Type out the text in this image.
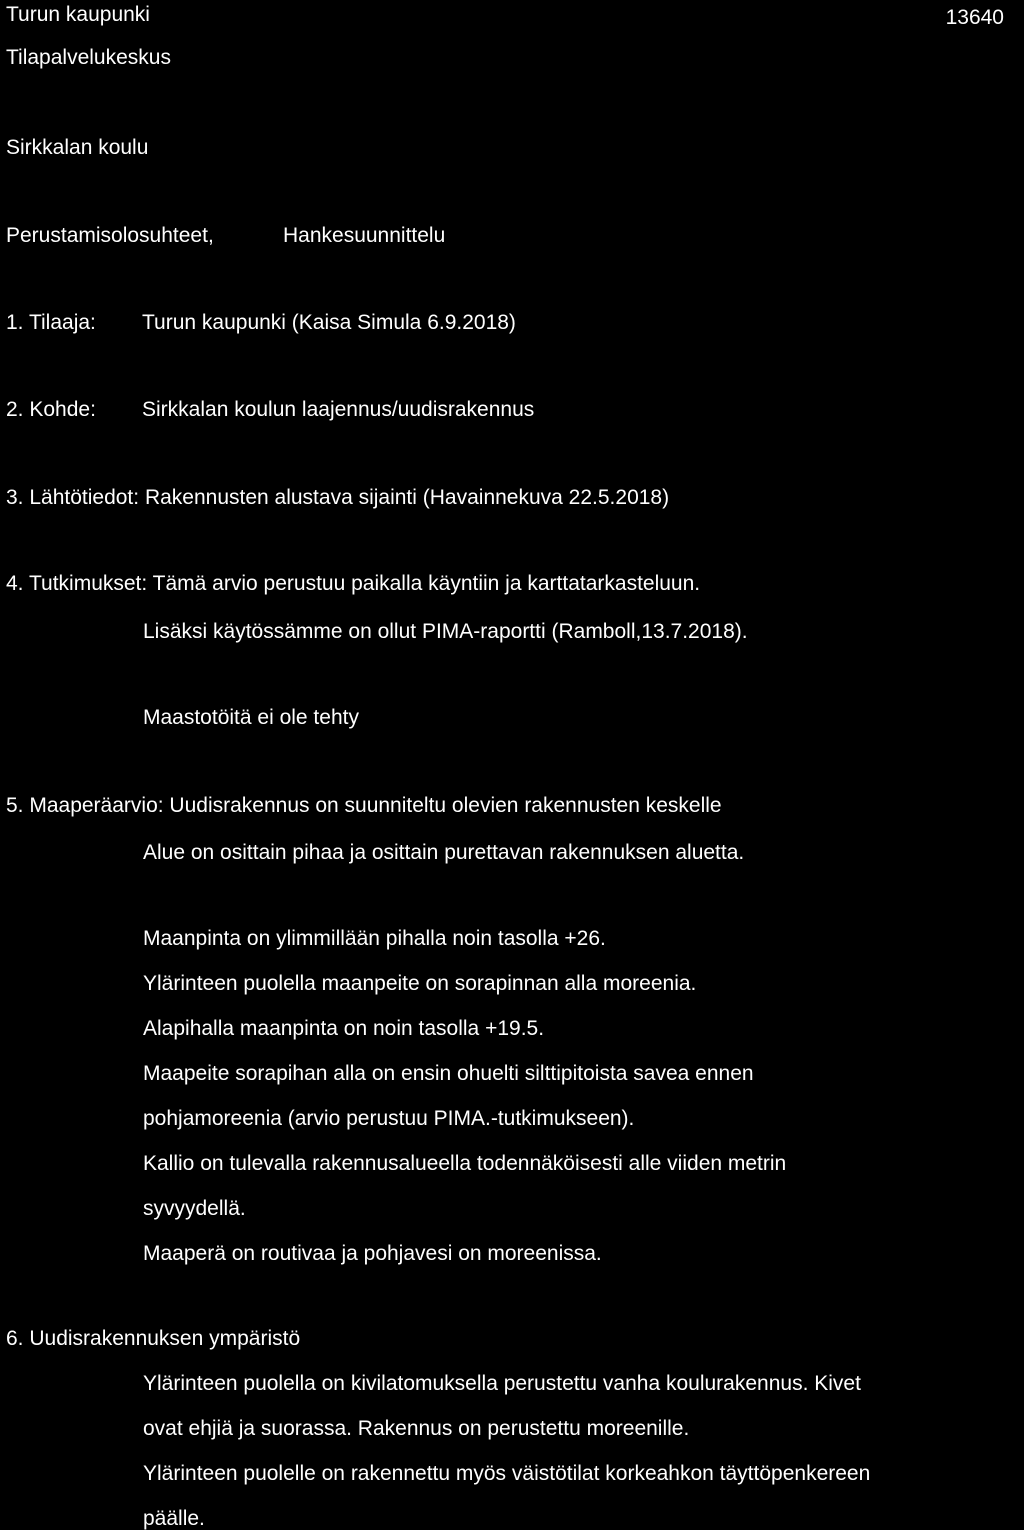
Turun kaupunki
Tilapalvelukeskus
13640
Sirkkalan koulu
Perustamisolosuhteet,	Hankesuunnittelu
1. Tilaaja: Turun kaupunki (Kaisa Simula 6.9.2018)
2. Kohde: Sirkkalan koulun laajennus/uudisrakennus
3. Lähtötiedot: Rakennusten alustava sijainti (Havainnekuva 22.5.2018)
4. Tutkimukset: Tämä arvio perustuu paikalla käyntiin ja karttatarkasteluun.
Lisäksi käytössämme on ollut PIMA-raportti (Ramboll,13.7.2018).
Maastotöitä ei ole tehty
5. Maaperäarvio: Uudisrakennus on suunniteltu olevien rakennusten keskelle
Alue on osittain pihaa ja osittain purettavan rakennuksen aluetta.
Maanpinta on ylimmillään pihalla noin tasolla +26.
Ylärinteen puolella maanpeite on sorapinnan alla moreenia.
Alapihalla maanpinta on noin tasolla +19.5.
Maapeite sorapihan alla on ensin ohuelti silttipitoista savea ennen
pohjamoreenia (arvio perustuu PIMA.-tutkimukseen).
Kallio on tulevalla rakennusalueella todennäköisesti alle viiden metrin
syvyydellä.
Maaperä on routivaa ja pohjavesi on moreenissa.
6. Uudisrakennuksen ympäristö
Ylärinteen puolella on kivilatomuksella perustettu vanha koulurakennus. Kivet
ovat ehjiä ja suorassa. Rakennus on perustettu moreenille.
Ylärinteen puolelle on rakennettu myös väistötilat korkeahkon täyttöpenkereen
päälle.
